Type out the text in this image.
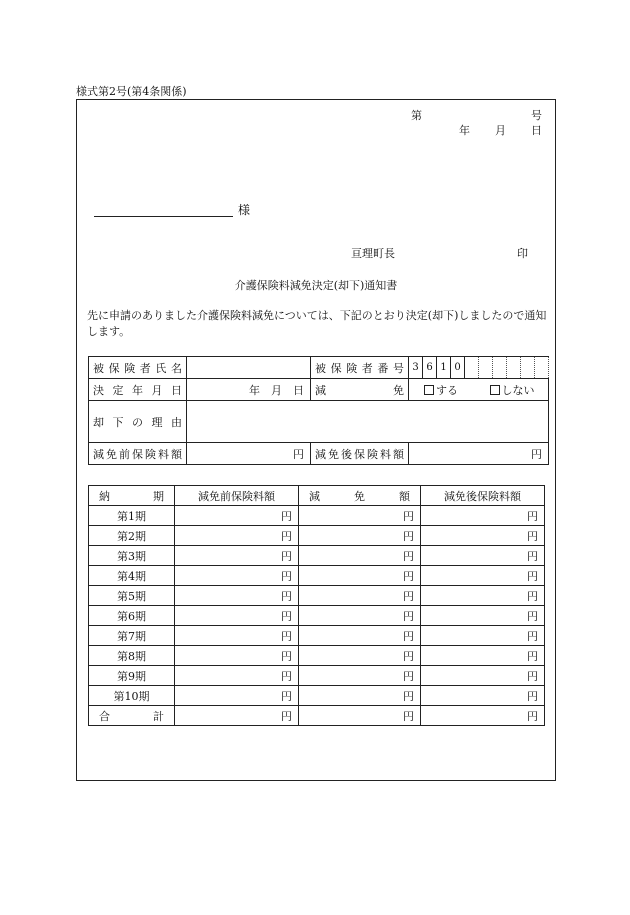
様式第2号(第4条関係)
第	号
年 月 日
様
亘理町長	印
介護保険料減免決定(却下)通知書
先に申請のありました介護保険料減免については、下記のとおり決定(却下)しましたので通知します。
被保険者氏名		被保険者番号	3	6	1	0						
決定年月日	年　月　日	減　　　免	する しない									
却下の理由												
減免前保険料額	円	減免後保険料額	円									
納　期	減免前保険料額	減　免　額	減免後保険料額
第1期	円	円	円
第2期	円	円	円
第3期	円	円	円
第4期	円	円	円
第5期	円	円	円
第6期	円	円	円
第7期	円	円	円
第8期	円	円	円
第9期	円	円	円
第10期	円	円	円
合　計	円	円	円
